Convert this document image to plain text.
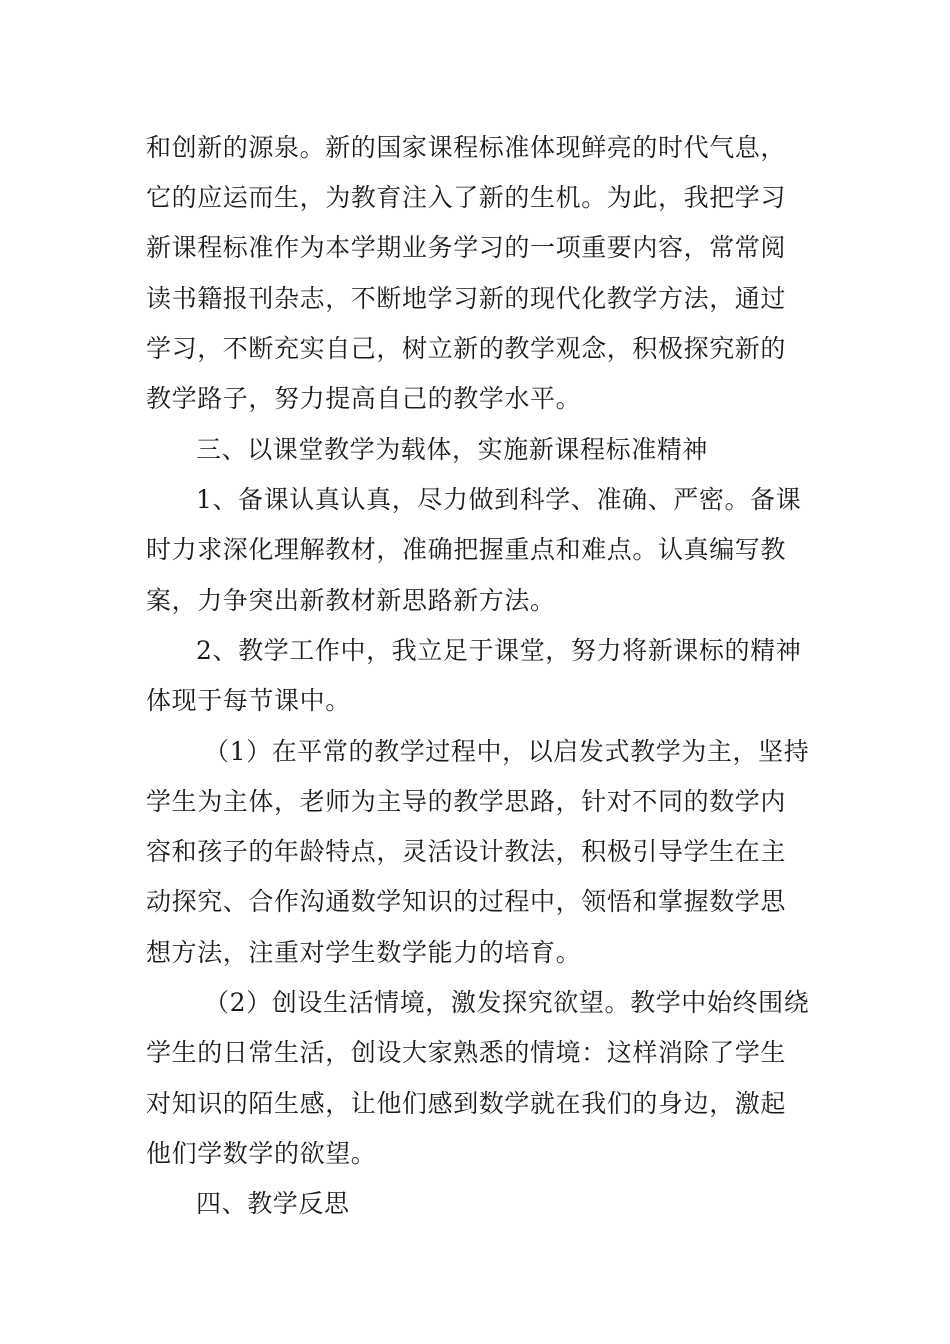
和创新的源泉。新的国家课程标准体现鲜亮的时代气息，
它的应运而生，为教育注入了新的生机。为此，我把学习
新课程标准作为本学期业务学习的一项重要内容，常常阅
读书籍报刊杂志，不断地学习新的现代化教学方法，通过
学习，不断充实自己，树立新的教学观念，积极探究新的
教学路子，努力提高自己的教学水平。
三、以课堂教学为载体，实施新课程标准精神
1、备课认真认真，尽力做到科学、准确、严密。备课
时力求深化理解教材，准确把握重点和难点。认真编写教
案，力争突出新教材新思路新方法。
2、教学工作中，我立足于课堂，努力将新课标的精神
体现于每节课中。
（1）在平常的教学过程中，以启发式教学为主，坚持
学生为主体，老师为主导的教学思路，针对不同的数学内
容和孩子的年龄特点，灵活设计教法，积极引导学生在主
动探究、合作沟通数学知识的过程中，领悟和掌握数学思
想方法，注重对学生数学能力的培育。
（2）创设生活情境，激发探究欲望。教学中始终围绕
学生的日常生活，创设大家熟悉的情境：这样消除了学生
对知识的陌生感，让他们感到数学就在我们的身边，激起
他们学数学的欲望。
四、教学反思
